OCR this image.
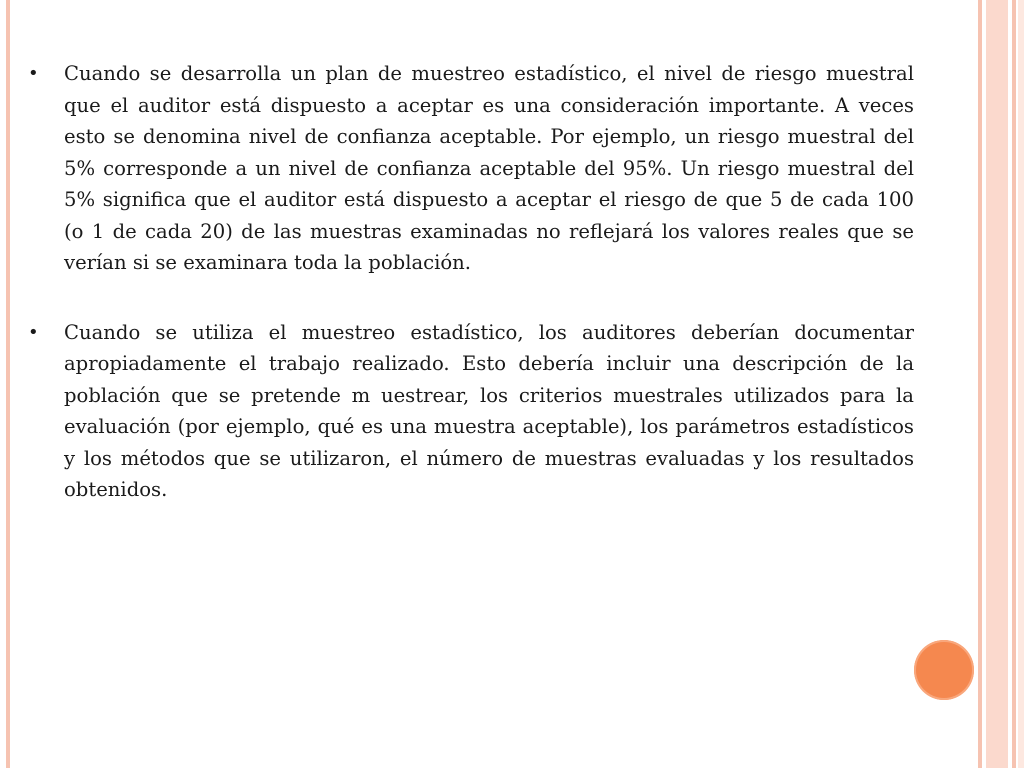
•	Cuando se desarrolla un plan de muestreo estadístico, el nivel de riesgo muestral que el auditor está dispuesto a aceptar es una consideración importante. A veces esto se denomina nivel de confianza aceptable. Por ejemplo, un riesgo muestral del 5% corresponde a un nivel de confianza aceptable del 95%. Un riesgo muestral del 5% significa que el auditor está dispuesto a aceptar el riesgo de que 5 de cada 100 (o 1 de cada 20) de las muestras examinadas no reflejará los valores reales que se verían si se examinara toda la población.

•	Cuando se utiliza el muestreo estadístico, los auditores deberían documentar apropiadamente el trabajo realizado. Esto debería incluir una descripción de la población que se pretende m uestrear, los criterios muestrales utilizados para la evaluación (por ejemplo, qué es una muestra aceptable), los parámetros estadísticos y los métodos que se utilizaron, el número de muestras evaluadas y los resultados obtenidos.
